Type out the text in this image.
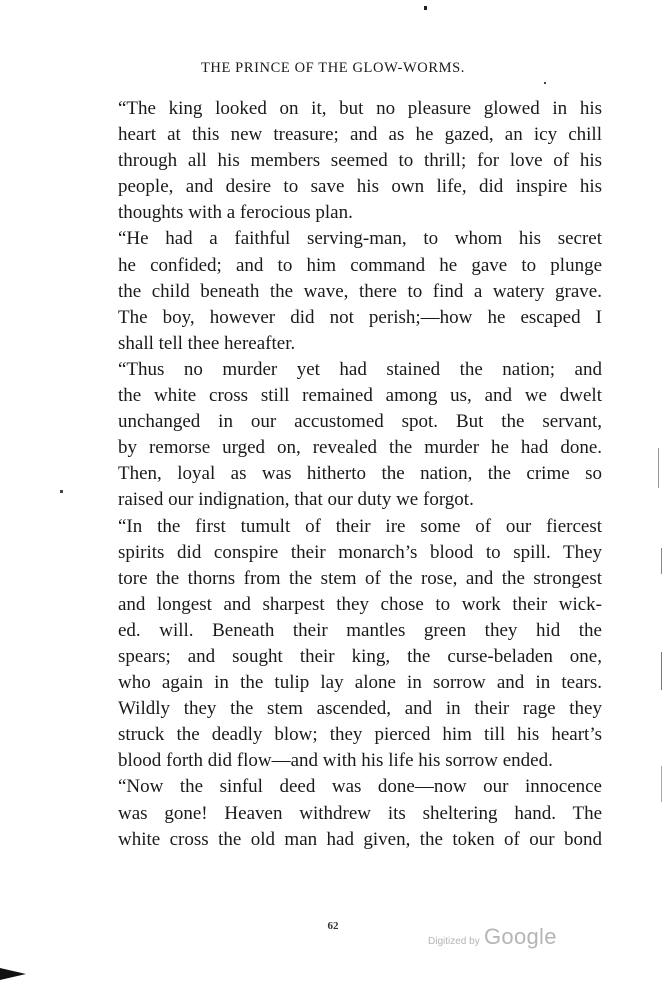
THE PRINCE OF THE GLOW-WORMS.

“The king looked on it, but no pleasure glowed in his
heart at this new treasure; and as he gazed, an icy chill
through all his members seemed to thrill; for love of his
people, and desire to save his own life, did inspire his
thoughts with a ferocious plan.

“He had a faithful serving-man, to whom his secret
he confided; and to him command he gave to plunge
the child beneath the wave, there to find a watery grave.
The boy, however did not perish;—how he escaped I
shall tell thee hereafter.

“Thus no murder yet had stained the nation; and
the white cross still remained among us, and we dwelt
unchanged in our accustomed spot. But the servant,
by remorse urged on, revealed the murder he had done.
Then, loyal as was hitherto the nation, the crime so
raised our indignation, that our duty we forgot.

“In the first tumult of their ire some of our fiercest
spirits did conspire their monarch’s blood to spill. They
tore the thorns from the stem of the rose, and the strongest
and longest and sharpest they chose to work their wick-
ed. will. Beneath their mantles green they hid the
spears; and sought their king, the curse-beladen one,
who again in the tulip lay alone in sorrow and in tears.
Wildly they the stem ascended, and in their rage they
struck the deadly blow; they pierced him till his heart’s
blood forth did flow—and with his life his sorrow ended.

“Now the sinful deed was done—now our innocence
was gone! Heaven withdrew its sheltering hand. The
white cross the old man had given, the token of our bond

62
Digitized by Google
